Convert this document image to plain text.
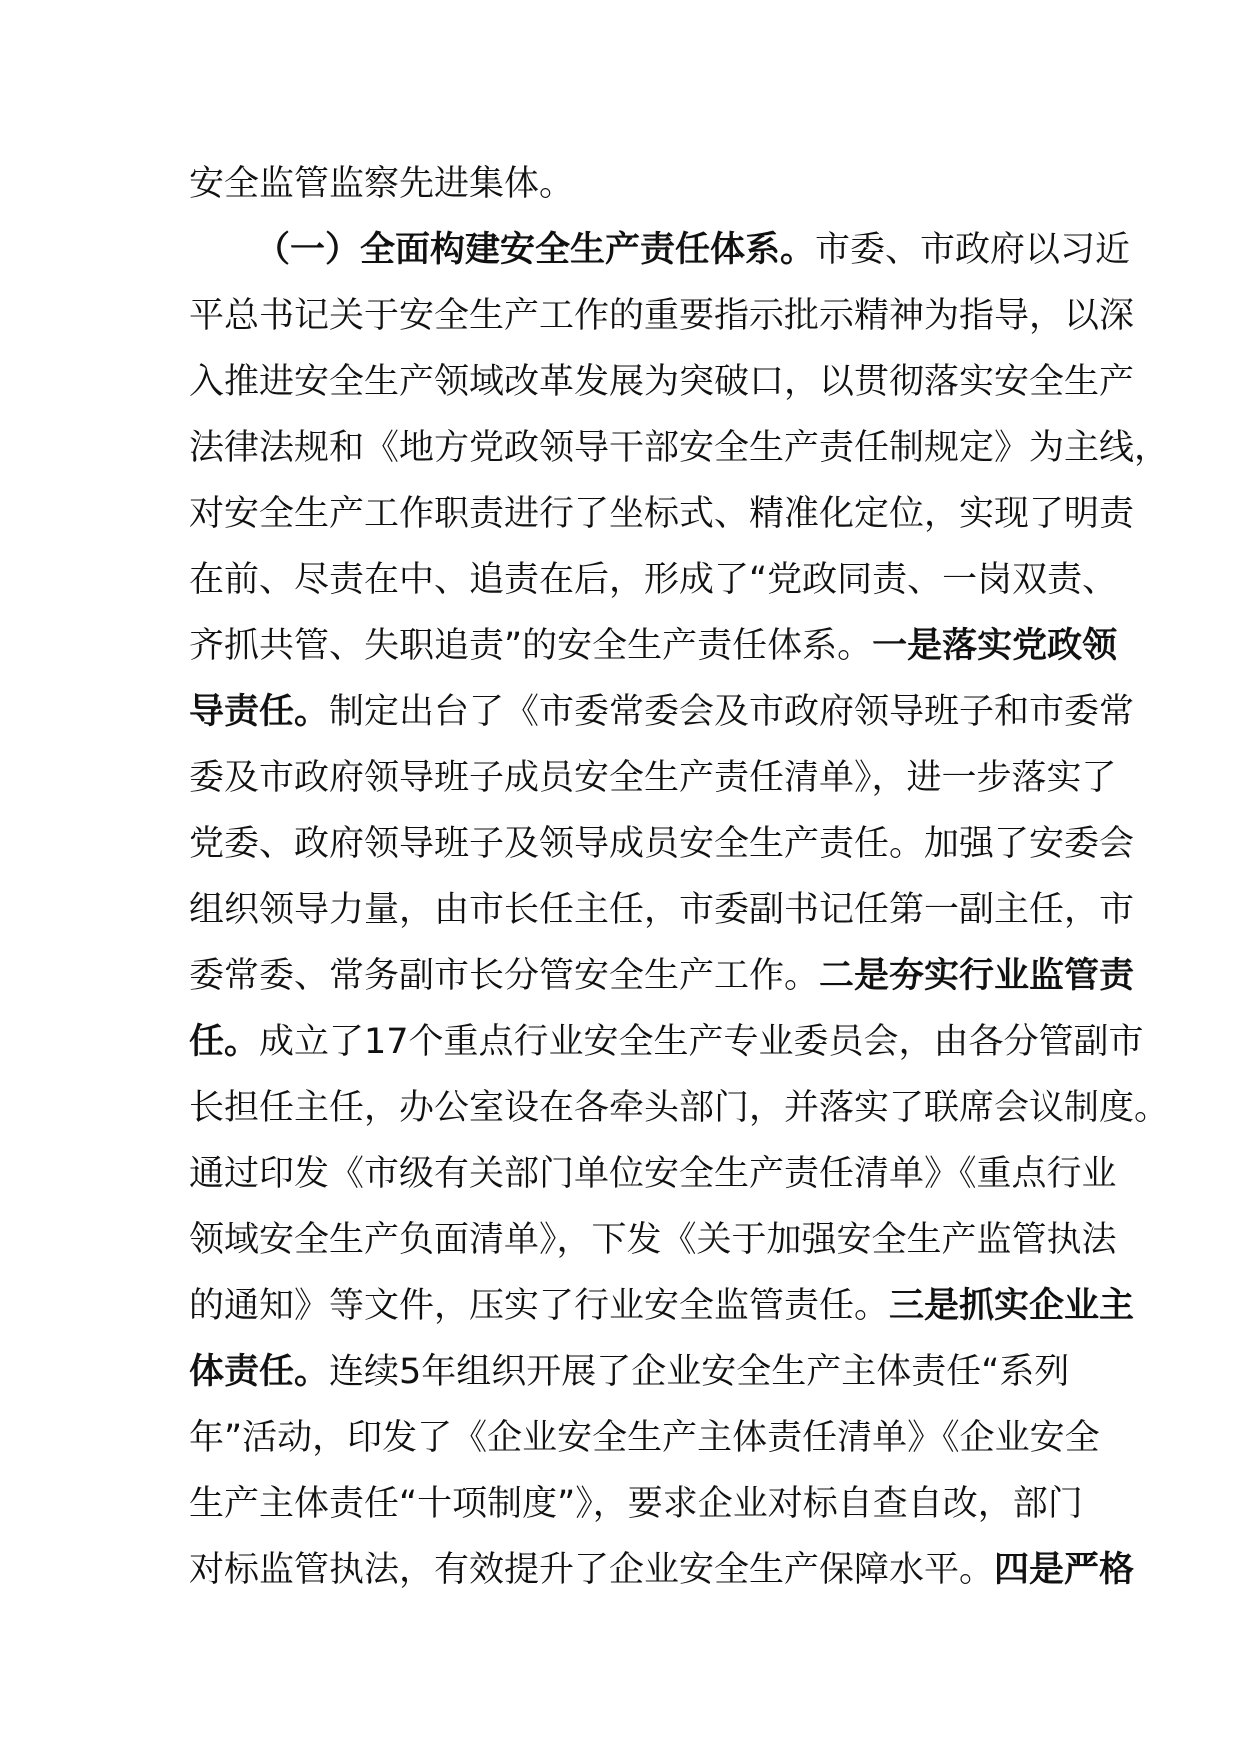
安全监管监察先进集体。
（一）全面构建安全生产责任体系。市委、市政府以习近
平总书记关于安全生产工作的重要指示批示精神为指导，以深
入推进安全生产领域改革发展为突破口，以贯彻落实安全生产
法律法规和《地方党政领导干部安全生产责任制规定》为主线，
对安全生产工作职责进行了坐标式、精准化定位，实现了明责
在前、尽责在中、追责在后，形成了“党政同责、一岗双责、
齐抓共管、失职追责”的安全生产责任体系。一是落实党政领
导责任。制定出台了《市委常委会及市政府领导班子和市委常
委及市政府领导班子成员安全生产责任清单》，进一步落实了
党委、政府领导班子及领导成员安全生产责任。加强了安委会
组织领导力量，由市长任主任，市委副书记任第一副主任，市
委常委、常务副市长分管安全生产工作。二是夯实行业监管责
任。成立了17个重点行业安全生产专业委员会，由各分管副市
长担任主任，办公室设在各牵头部门，并落实了联席会议制度。
通过印发《市级有关部门单位安全生产责任清单》《重点行业
领域安全生产负面清单》，下发《关于加强安全生产监管执法
的通知》等文件，压实了行业安全监管责任。三是抓实企业主
体责任。连续5年组织开展了企业安全生产主体责任“系列
年”活动，印发了《企业安全生产主体责任清单》《企业安全
生产主体责任“十项制度”》，要求企业对标自查自改，部门
对标监管执法，有效提升了企业安全生产保障水平。四是严格
